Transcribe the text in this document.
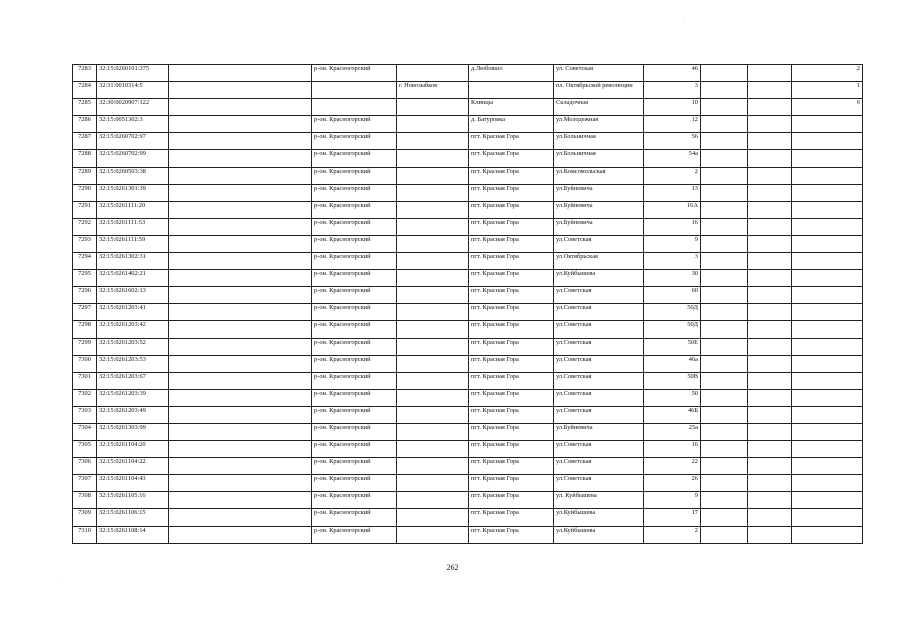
7283	32:15:0260101:375		р-он. Красногорский		д.Любовшо	ул. Советская	46			2
7284	32:31:0010314:5			г. Новозыбков		пл. Октябрьской революции	3			1
7285	32:30:0020907:122				Клинцы	Складочная	10			6
7286	32:15:0051302:3		р-он. Красногорский		д. Батуровка	ул.Молодежная	12			
7287	32:15:0260702:97		р-он. Красногорский		пгт. Красная Гора	ул.Больничная	56			
7288	32:15:0260702:99		р-он. Красногорский		пгт. Красная Гора	ул.Больничная	54а			
7289	32:15:0260503:38		р-он. Красногорский		пгт. Красная Гора	ул.Комсомольская	2			
7290	32:15:0261301:39		р-он. Красногорский		пгт. Красная Гора	ул.Буйневича	13			
7291	32:15:0261111:20		р-он. Красногорский		пгт. Красная Гора	ул.Буйневича	16А			
7292	32:15:0261111:53		р-он. Красногорский		пгт. Красная Гора	ул.Буйневича	16			
7293	32:15:0261111:59		р-он. Красногорский		пгт. Красная Гора	ул.Советская	9			
7294	32:15:0261302:31		р-он. Красногорский		пгт. Красная Гора	ул.Октябрьская	3			
7295	32:15:0261402:21		р-он. Красногорский		пгт. Красная Гора	ул.Куйбышева	30			
7296	32:15:0261602:13		р-он. Красногорский		пгт. Красная Гора	ул.Советская	60			
7297	32:15:0261203:41		р-он. Красногорский		пгт. Красная Гора	ул.Советская	50Д			
7298	32:15:0261203:42		р-он. Красногорский		пгт. Красная Гора	ул.Советская	50Д			
7299	32:15:0261203:52		р-он. Красногорский		пгт. Красная Гора	ул.Советская	50Е			
7300	32:15:0261203:53		р-он. Красногорский		пгт. Красная Гора	ул.Советская	46а			
7301	32:15:0261203:67		р-он. Красногорский		пгт. Красная Гора	ул.Советская	50В			
7302	32:15:0261203:39		р-он. Красногорский		пгт. Красная Гора	ул.Советская	50			
7303	32:15:0261203:49		р-он. Красногорский		пгт. Красная Гора	ул.Советская	46Б			
7304	32:15:0261303:99		р-он. Красногорский		пгт. Красная Гора	ул.Буйневича	25а			
7305	32:15:0261104:20		р-он. Красногорский		пгт. Красная Гора	ул.Советская	16			
7306	32:15:0261104:22		р-он. Красногорский		пгт. Красная Гора	ул.Советская	22			
7307	32:15:0261104:43		р-он. Красногорский		пгт. Красная Гора	ул.Советская	26			
7308	32:15:0261105:16		р-он. Красногорский		пгт. Красная Гора	ул. Куйбышева	9			
7309	32:15:0261106:15		р-он. Красногорский		пгт. Красная Гора	ул.Куйбышева	17			
7310	32:15:0261108:14		р-он. Красногорский		пгт. Красная Гора	ул.Куйбышева	2			
262
·
·
